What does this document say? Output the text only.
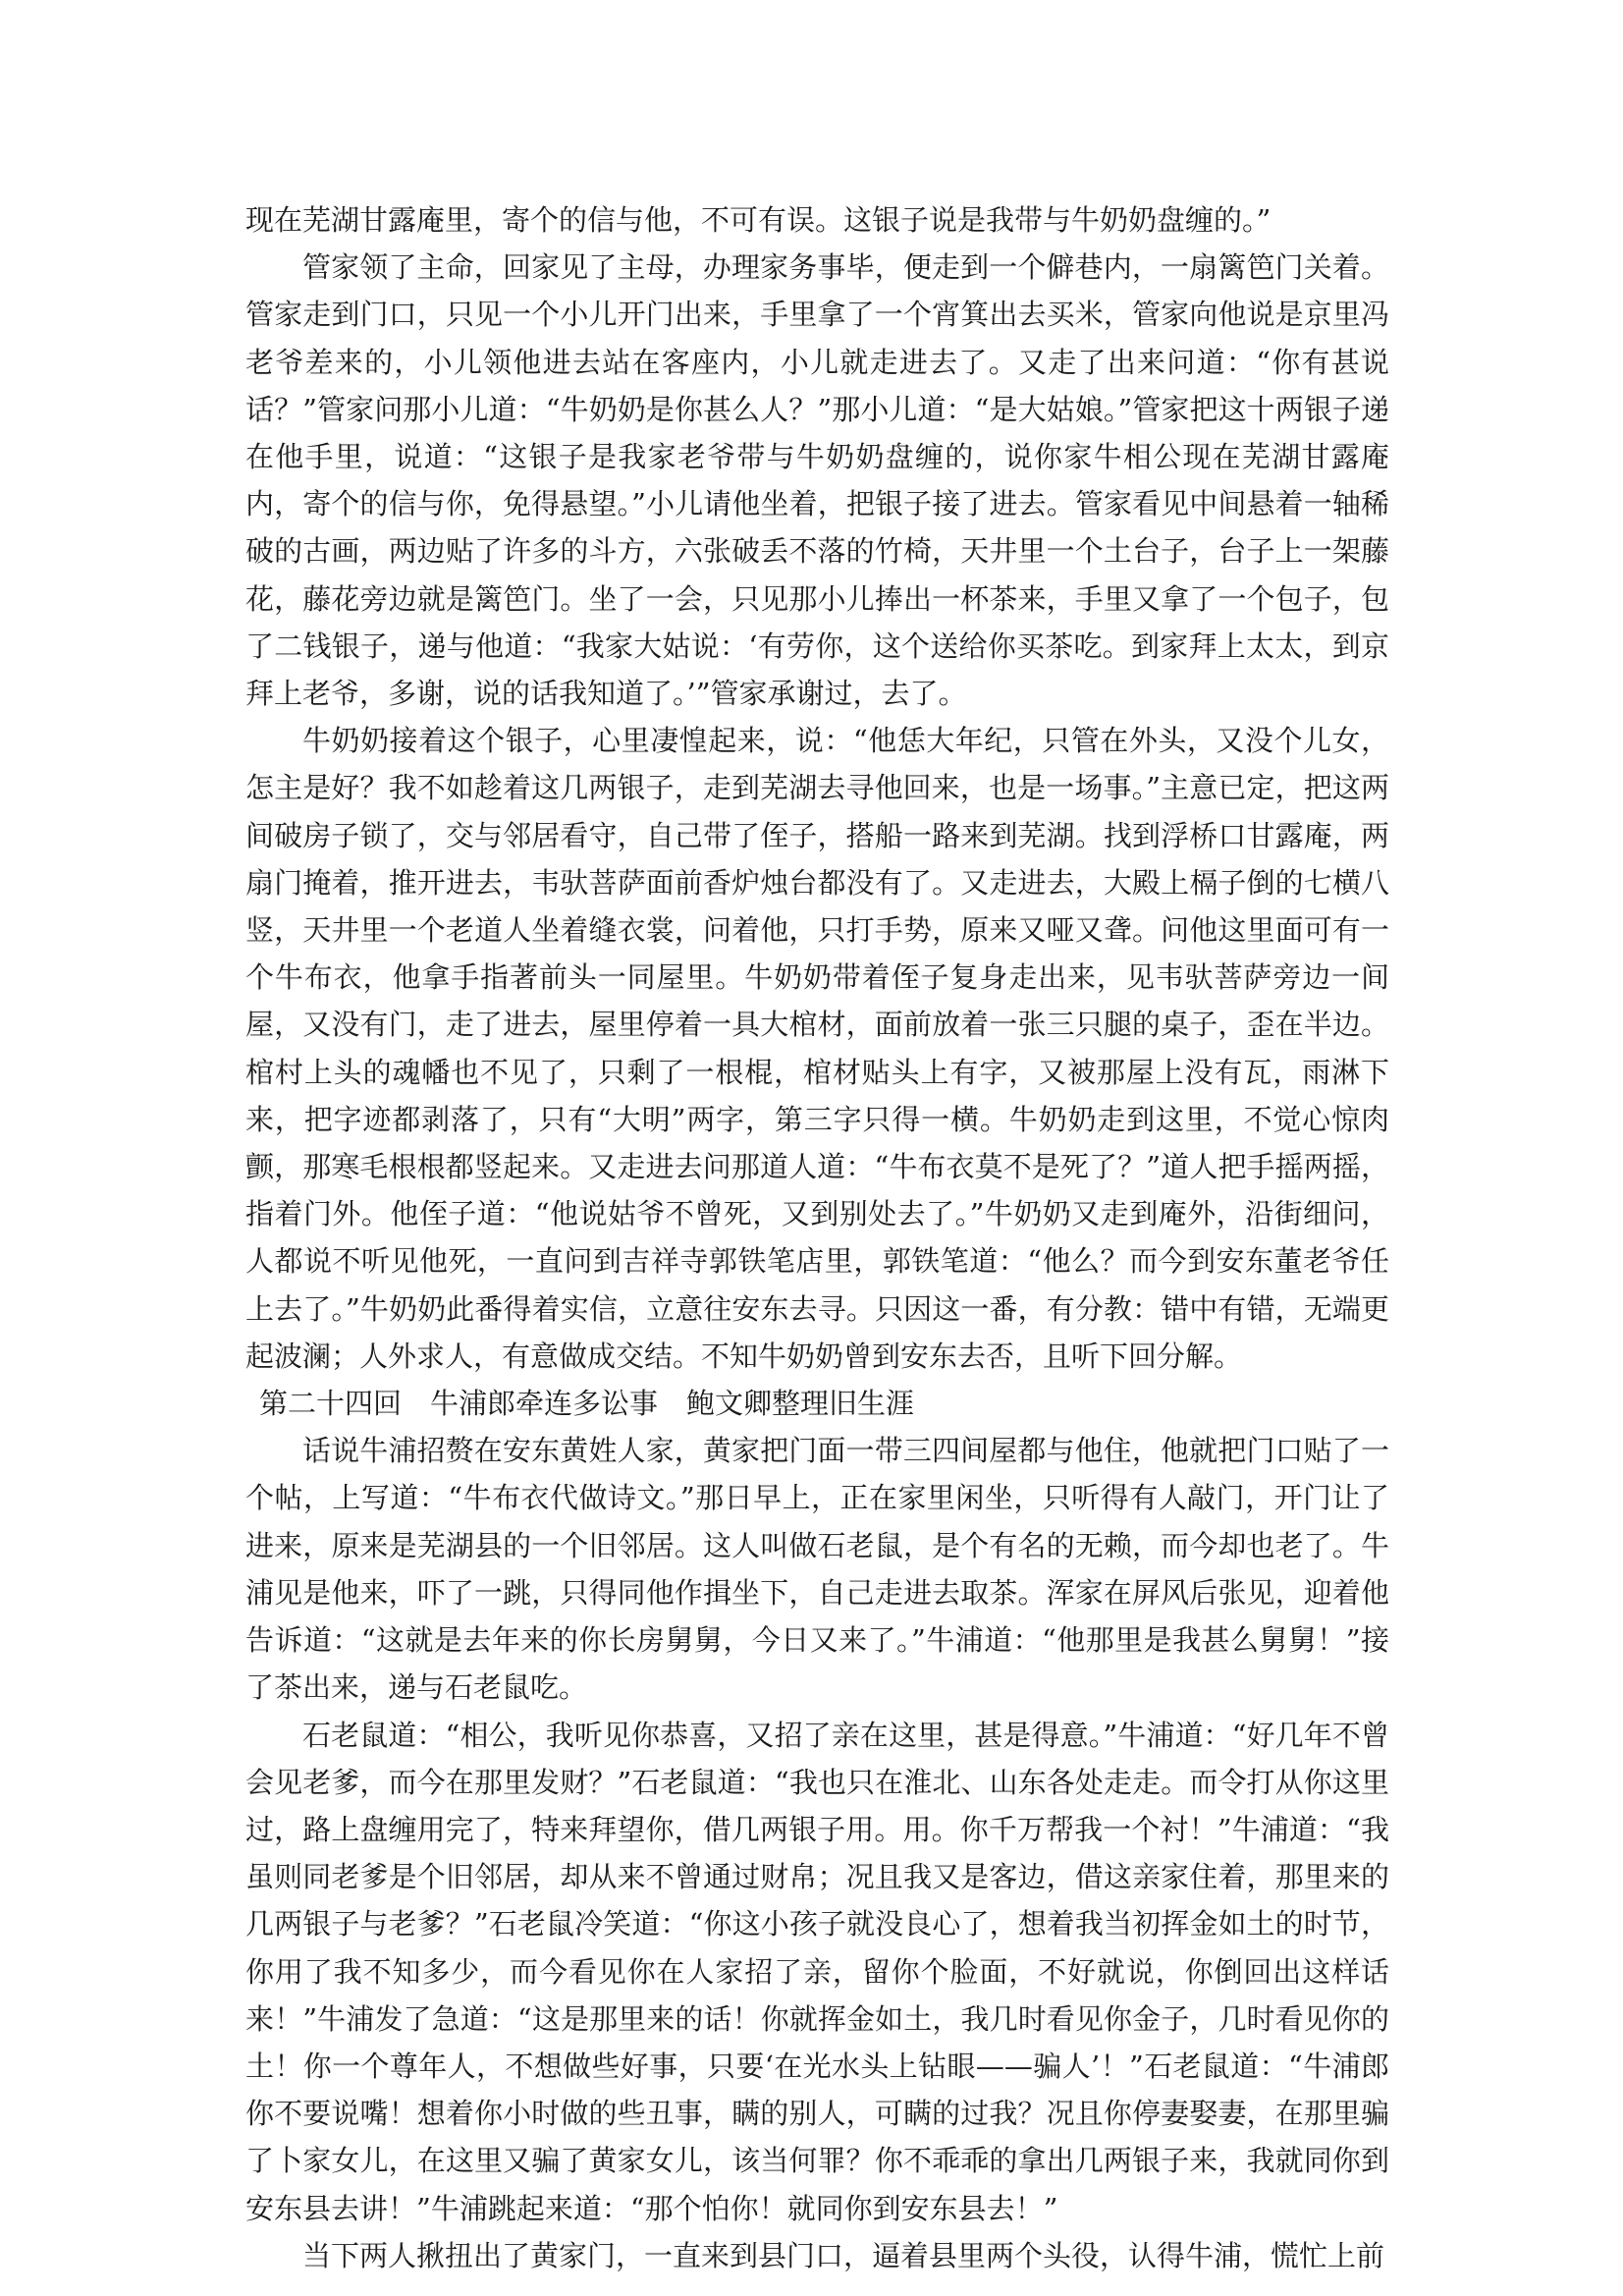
现在芜湖甘露庵里，寄个的信与他，不可有误。这银子说是我带与牛奶奶盘缠的。”

管家领了主命，回家见了主母，办理家务事毕，便走到一个僻巷内，一扇篱笆门关着。管家走到门口，只见一个小儿开门出来，手里拿了一个宵箕出去买米，管家向他说是京里冯老爷差来的，小儿领他进去站在客座内，小儿就走进去了。又走了出来问道：“你有甚说话？”管家问那小儿道：“牛奶奶是你甚么人？”那小儿道：“是大姑娘。”管家把这十两银子递在他手里，说道：“这银子是我家老爷带与牛奶奶盘缠的，说你家牛相公现在芜湖甘露庵内，寄个的信与你，免得悬望。”小儿请他坐着，把银子接了进去。管家看见中间悬着一轴稀破的古画，两边贴了许多的斗方，六张破丢不落的竹椅，天井里一个土台子，台子上一架藤花，藤花旁边就是篱笆门。坐了一会，只见那小儿捧出一杯茶来，手里又拿了一个包子，包了二钱银子，递与他道：“我家大姑说：‘有劳你，这个送给你买茶吃。到家拜上太太，到京拜上老爷，多谢，说的话我知道了。’”管家承谢过，去了。

牛奶奶接着这个银子，心里凄惶起来，说：“他恁大年纪，只管在外头，又没个儿女，怎主是好？我不如趁着这几两银子，走到芜湖去寻他回来，也是一场事。”主意已定，把这两间破房子锁了，交与邻居看守，自己带了侄子，搭船一路来到芜湖。找到浮桥口甘露庵，两扇门掩着，推开进去，韦驮菩萨面前香炉烛台都没有了。又走进去，大殿上槅子倒的七横八竖，天井里一个老道人坐着缝衣裳，问着他，只打手势，原来又哑又聋。问他这里面可有一个牛布衣，他拿手指著前头一同屋里。牛奶奶带着侄子复身走出来，见韦驮菩萨旁边一间屋，又没有门，走了进去，屋里停着一具大棺材，面前放着一张三只腿的桌子，歪在半边。棺村上头的魂幡也不见了，只剩了一根棍，棺材贴头上有字，又被那屋上没有瓦，雨淋下来，把字迹都剥落了，只有“大明”两字，第三字只得一横。牛奶奶走到这里，不觉心惊肉颤，那寒毛根根都竖起来。又走进去问那道人道：“牛布衣莫不是死了？”道人把手摇两摇，指着门外。他侄子道：“他说姑爷不曾死，又到别处去了。”牛奶奶又走到庵外，沿街细问，人都说不听见他死，一直问到吉祥寺郭铁笔店里，郭铁笔道：“他么？而今到安东董老爷任上去了。”牛奶奶此番得着实信，立意往安东去寻。只因这一番，有分教：错中有错，无端更起波澜；人外求人，有意做成交结。不知牛奶奶曾到安东去否，且听下回分解。

第二十四回　牛浦郎牵连多讼事　鲍文卿整理旧生涯

话说牛浦招赘在安东黄姓人家，黄家把门面一带三四间屋都与他住，他就把门口贴了一个帖，上写道：“牛布衣代做诗文。”那日早上，正在家里闲坐，只听得有人敲门，开门让了进来，原来是芜湖县的一个旧邻居。这人叫做石老鼠，是个有名的无赖，而今却也老了。牛浦见是他来，吓了一跳，只得同他作揖坐下，自己走进去取茶。浑家在屏风后张见，迎着他告诉道：“这就是去年来的你长房舅舅，今日又来了。”牛浦道：“他那里是我甚么舅舅！”接了茶出来，递与石老鼠吃。

石老鼠道：“相公，我听见你恭喜，又招了亲在这里，甚是得意。”牛浦道：“好几年不曾会见老爹，而今在那里发财？”石老鼠道：“我也只在淮北、山东各处走走。而令打从你这里过，路上盘缠用完了，特来拜望你，借几两银子用。用。你千万帮我一个衬！”牛浦道：“我虽则同老爹是个旧邻居，却从来不曾通过财帛；况且我又是客边，借这亲家住着，那里来的几两银子与老爹？”石老鼠冷笑道：“你这小孩子就没良心了，想着我当初挥金如土的时节，你用了我不知多少，而今看见你在人家招了亲，留你个脸面，不好就说，你倒回出这样话来！”牛浦发了急道：“这是那里来的话！你就挥金如土，我几时看见你金子，几时看见你的土！你一个尊年人，不想做些好事，只要‘在光水头上钻眼——骗人’！”石老鼠道：“牛浦郎你不要说嘴！想着你小时做的些丑事，瞒的别人，可瞒的过我？况且你停妻娶妻，在那里骗了卜家女儿，在这里又骗了黄家女儿，该当何罪？你不乖乖的拿出几两银子来，我就同你到安东县去讲！”牛浦跳起来道：“那个怕你！就同你到安东县去！”

当下两人揪扭出了黄家门，一直来到县门口，逼着县里两个头役，认得牛浦，慌忙上前
